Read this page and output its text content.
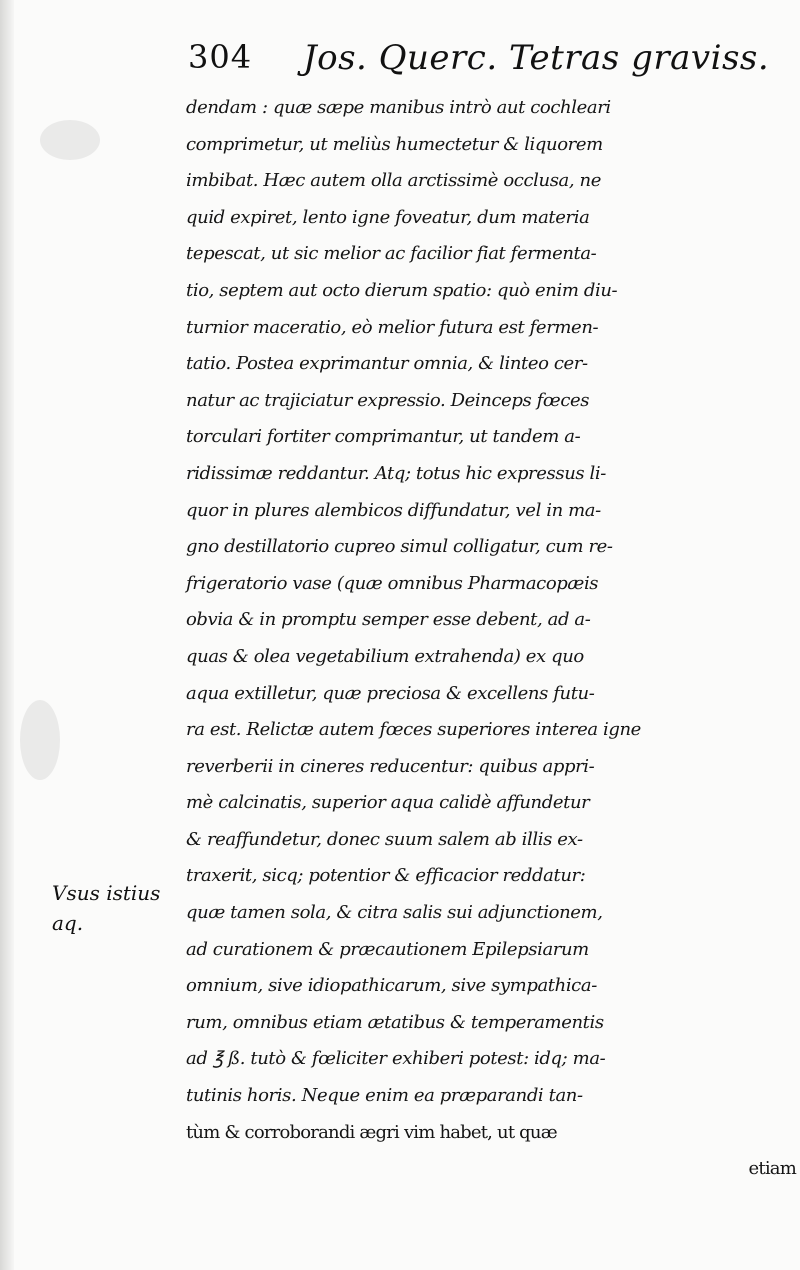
304 Jos. Querc. Tetras graviss.
Vsus istius
aq.
dendam : quæ sæpe manibus intrò aut cochleari
comprimetur, ut meliùs humectetur & liquorem
imbibat. Hæc autem olla arctissimè occlusa, ne
quid expiret, lento igne foveatur, dum materia
tepescat, ut sic melior ac facilior fiat fermenta-
tio, septem aut octo dierum spatio: quò enim diu-
turnior maceratio, eò melior futura est fermen-
tatio. Postea exprimantur omnia, & linteo cer-
natur ac trajiciatur expressio. Deinceps fœces
torculari fortiter comprimantur, ut tandem a-
ridissimæ reddantur. Atq; totus hic expressus li-
quor in plures alembicos diffundatur, vel in ma-
gno destillatorio cupreo simul colligatur, cum re-
frigeratorio vase (quæ omnibus Pharmacopæis
obvia & in promptu semper esse debent, ad a-
quas & olea vegetabilium extrahenda) ex quo
aqua extilletur, quæ preciosa & excellens futu-
ra est. Relictæ autem fœces superiores interea igne
reverberii in cineres reducentur: quibus appri-
mè calcinatis, superior aqua calidè affundetur
& reaffundetur, donec suum salem ab illis ex-
traxerit, sicq; potentior & efficacior reddatur:
quæ tamen sola, & citra salis sui adjunctionem,
ad curationem & præcautionem Epilepsiarum
omnium, sive idiopathicarum, sive sympathica-
rum, omnibus etiam ætatibus & temperamentis
ad ℥ ß. tutò & fœliciter exhiberi potest: idq; ma-
tutinis horis. Neque enim ea præparandi tan-
tùm & corroborandi ægri vim habet, ut quæ
etiam
